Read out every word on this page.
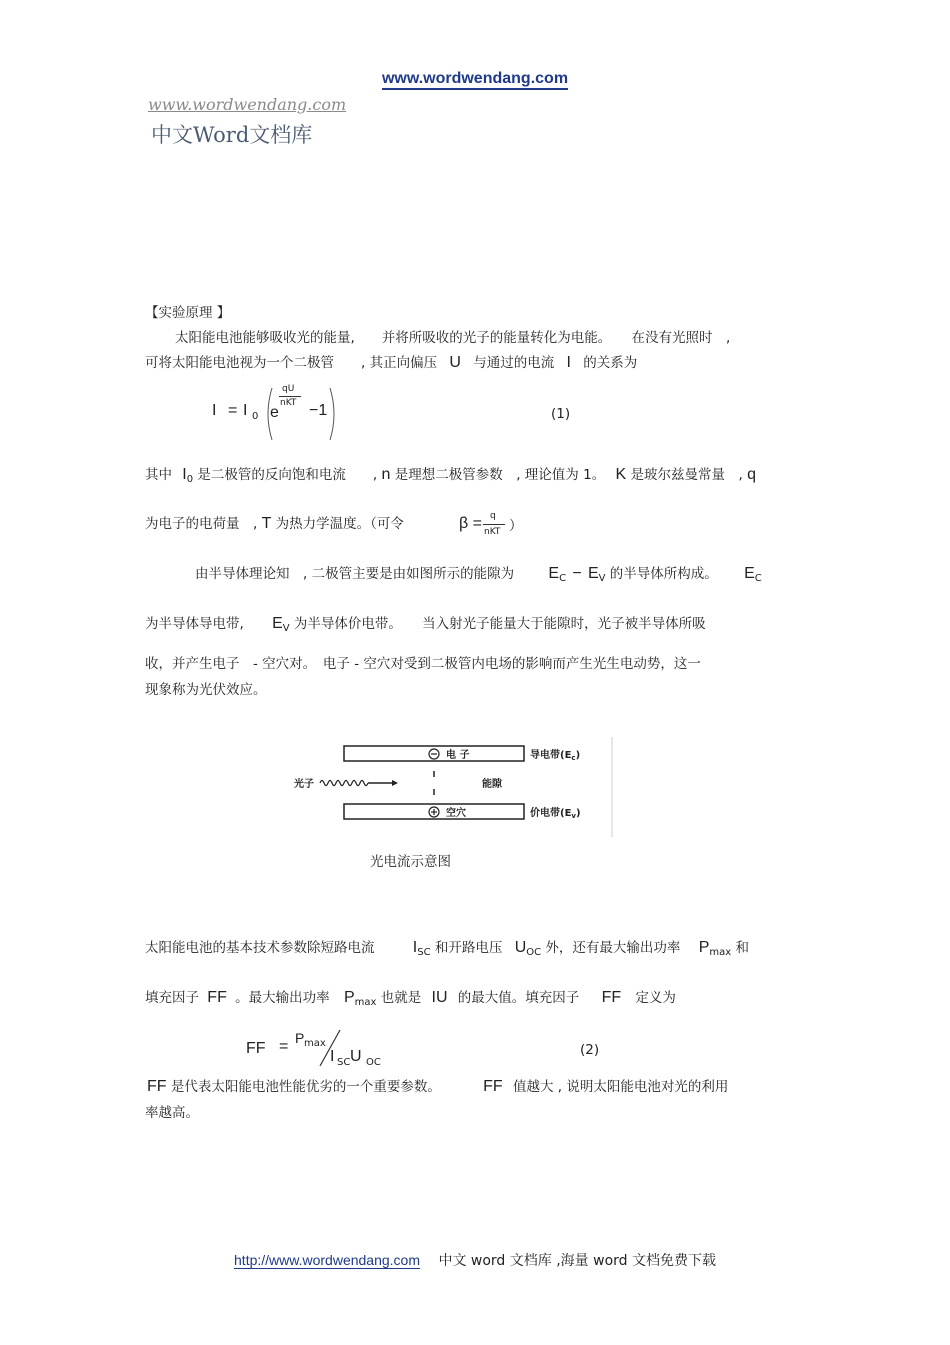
www.wordwendang.com
www.wordwendang.com
中文Word文档库
【实验原理 】
太阳能电池能够吸收光的能量,　　并将所吸收的光子的能量转化为电能。　　在没有光照时　,
可将太阳能电池视为一个二极管　　, 其正向偏压 U 与通过的电流 I 的关系为
I = I 0 e
qU
nKT −1	(1)
其中 $I_0$ 是二极管的反向饱和电流　　, n 是理想二极管参数　, 理论值为 1。 K 是玻尔兹曼常量　, q
为电子的电荷量　, T 为热力学温度。（可令	β = q
nKT ）
由半导体理论知　, 二极管主要是由如图所示的能隙为 $E_C - E_V$ 的半导体所构成。 $E_C$
为半导体导电带, $E_V$ 为半导体价电带。　　当入射光子能量大于能隙时，光子被半导体所吸
收，并产生电子　- 空穴对。　电子 - 空穴对受到二极管内电场的影响而产生光生电动势，这一
现象称为光伏效应。
电 子
空穴
光子	能隙
导电带$(E_c)$
价电带$(E_v)$
光电流示意图
太阳能电池的基本技术参数除短路电流 $I_{SC}$ 和开路电压 $U_{OC}$ 外，还有最大输出功率 $P_{max}$ 和
填充因子 FF 。最大输出功率 $P_{max}$ 也就是 IU 的最大值。填充因子 FF 定义为
FF = P max
I SC U OC
(2)
FF 是代表太阳能电池性能优劣的一个重要参数。	FF 值越大 , 说明太阳能电池对光的利用
率越高。
http://www.wordwendang.com 中文 word 文档库 ,海量 word 文档免费下载
